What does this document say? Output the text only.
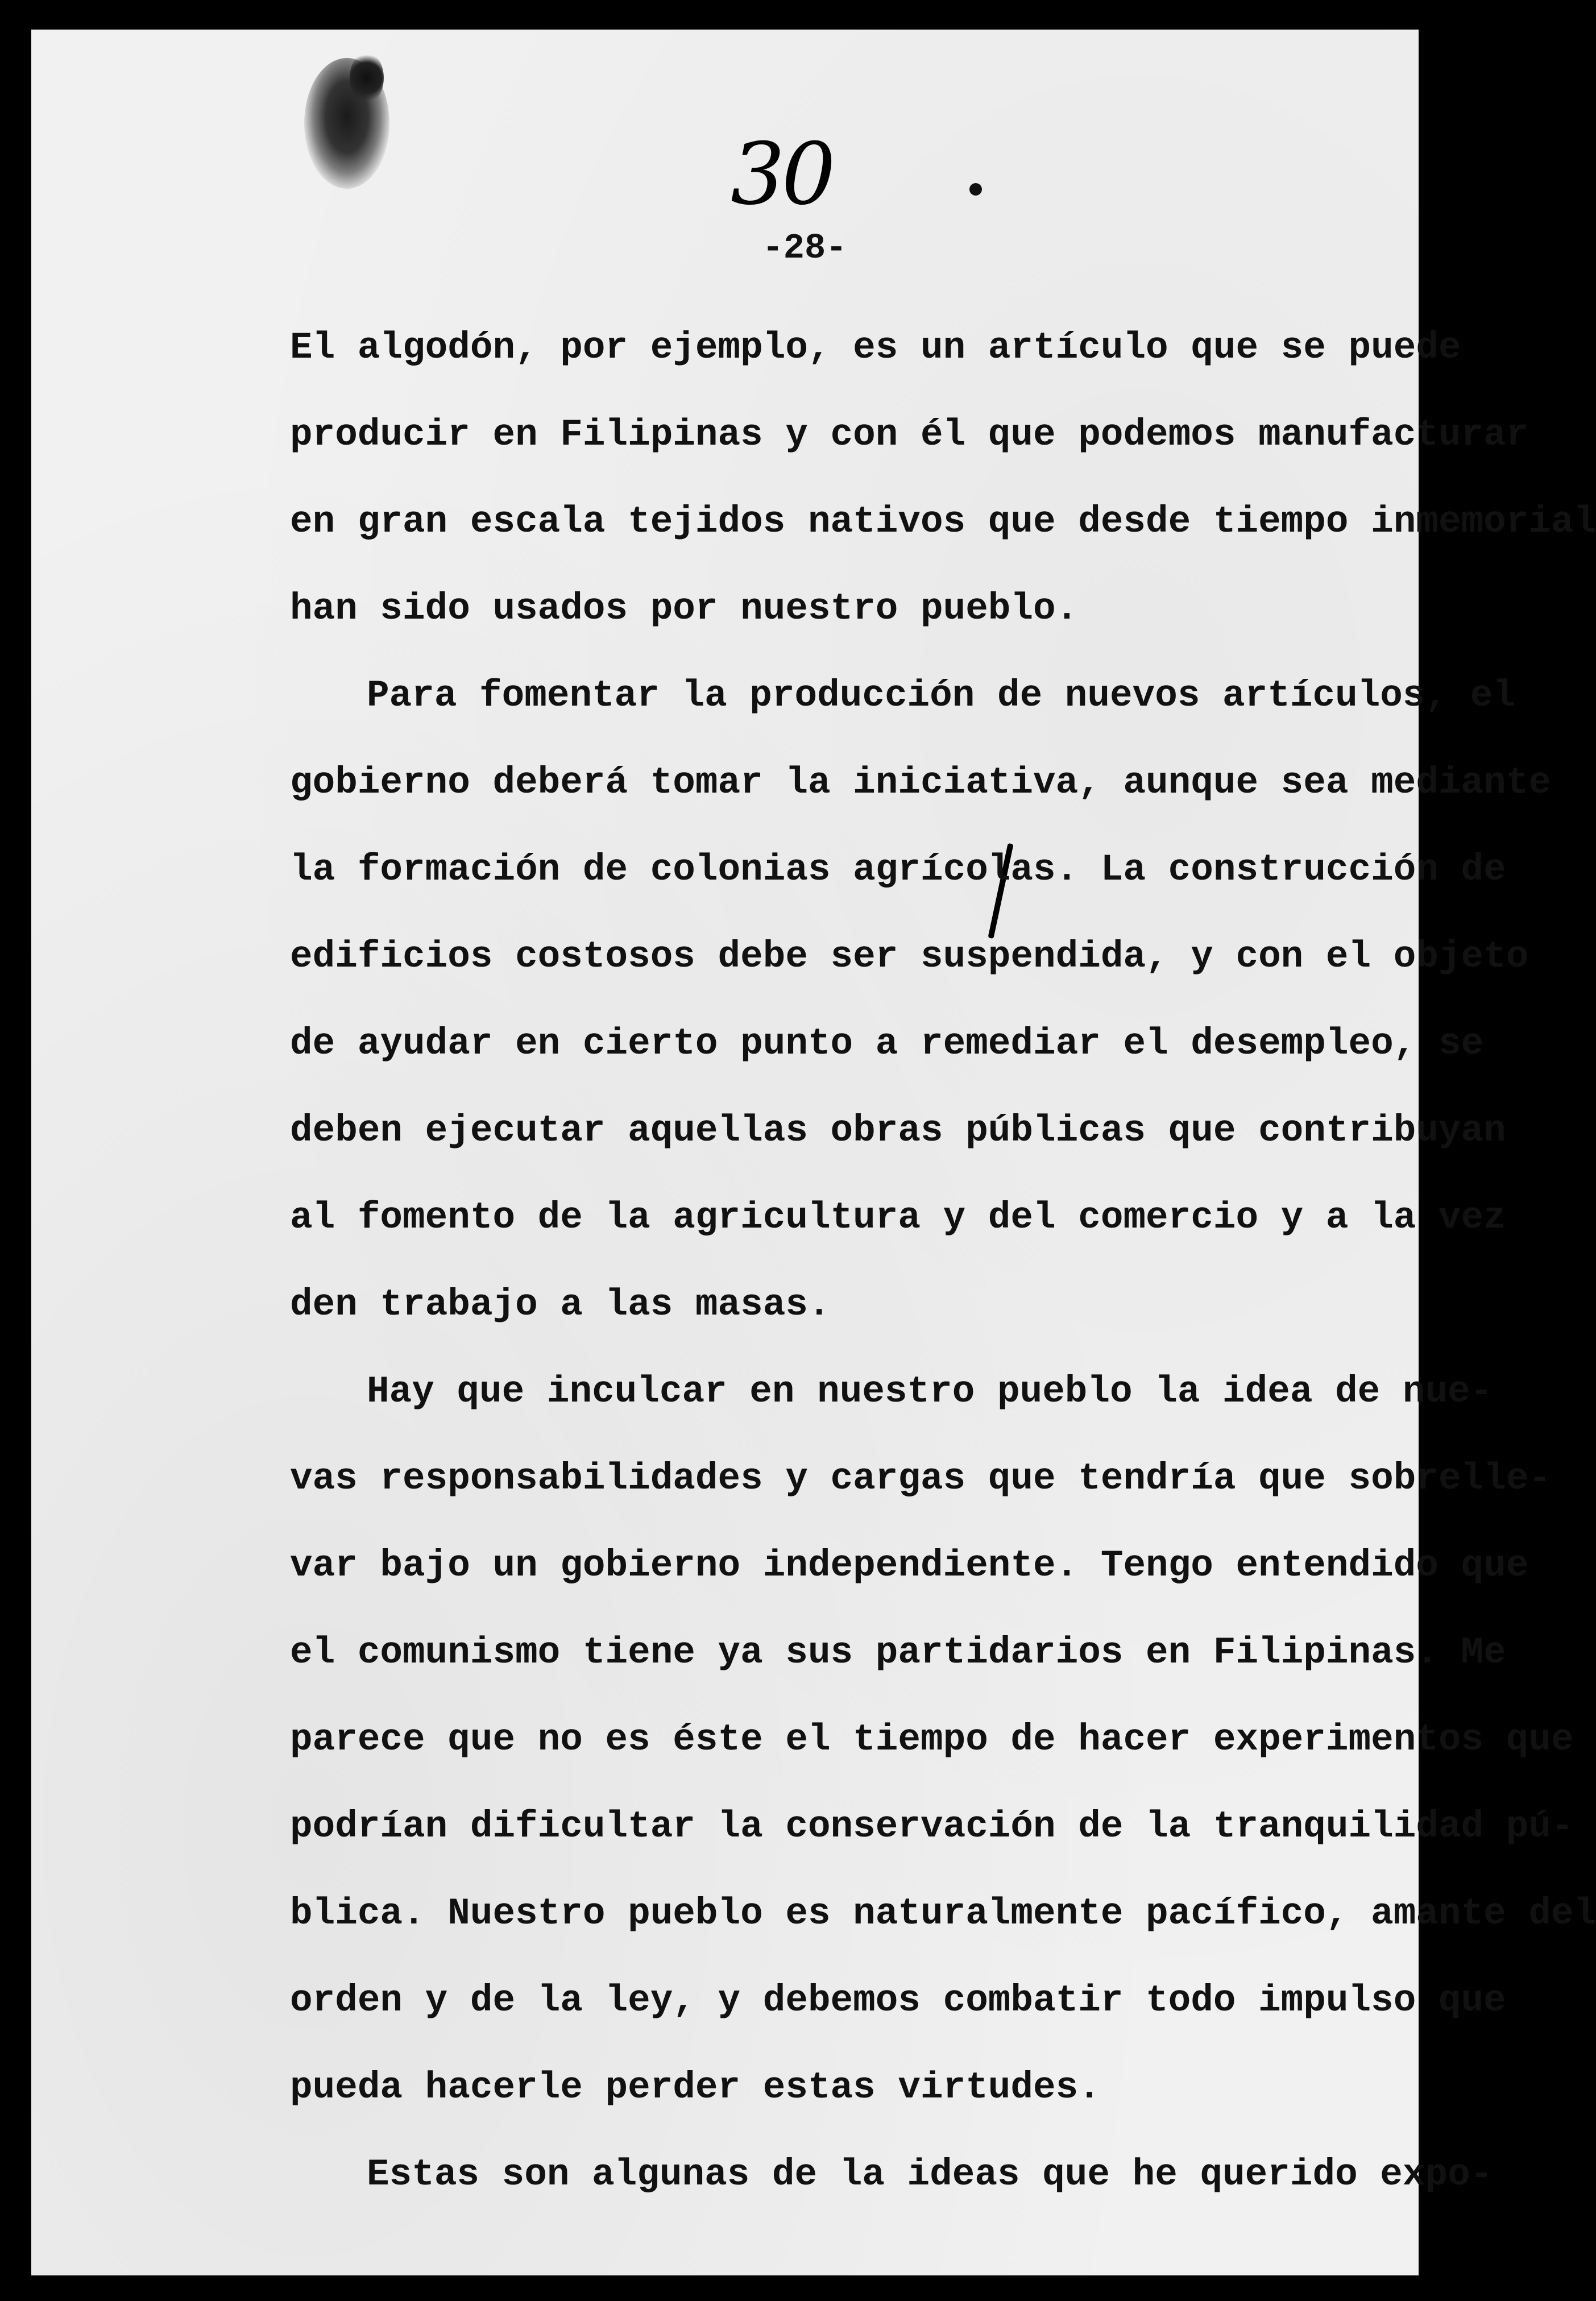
30
-28-
El algodón, por ejemplo, es un artículo que se puede
producir en Filipinas y con él que podemos manufacturar
en gran escala tejidos nativos que desde tiempo inmemorial
han sido usados por nuestro pueblo.
Para fomentar la producción de nuevos artículos, el
gobierno deberá tomar la iniciativa, aunque sea mediante
la formación de colonias agrícolas. La construcción de
edificios costosos debe ser suspendida, y con el objeto
de ayudar en cierto punto a remediar el desempleo, se
deben ejecutar aquellas obras públicas que contribuyan
al fomento de la agricultura y del comercio y a la vez
den trabajo a las masas.
Hay que inculcar en nuestro pueblo la idea de nue-
vas responsabilidades y cargas que tendría que sobrelle-
var bajo un gobierno independiente. Tengo entendido que
el comunismo tiene ya sus partidarios en Filipinas. Me
parece que no es éste el tiempo de hacer experimentos que
podrían dificultar la conservación de la tranquilidad pú-
blica. Nuestro pueblo es naturalmente pacífico, amante del
orden y de la ley, y debemos combatir todo impulso que
pueda hacerle perder estas virtudes.
Estas son algunas de la ideas que he querido expo-
